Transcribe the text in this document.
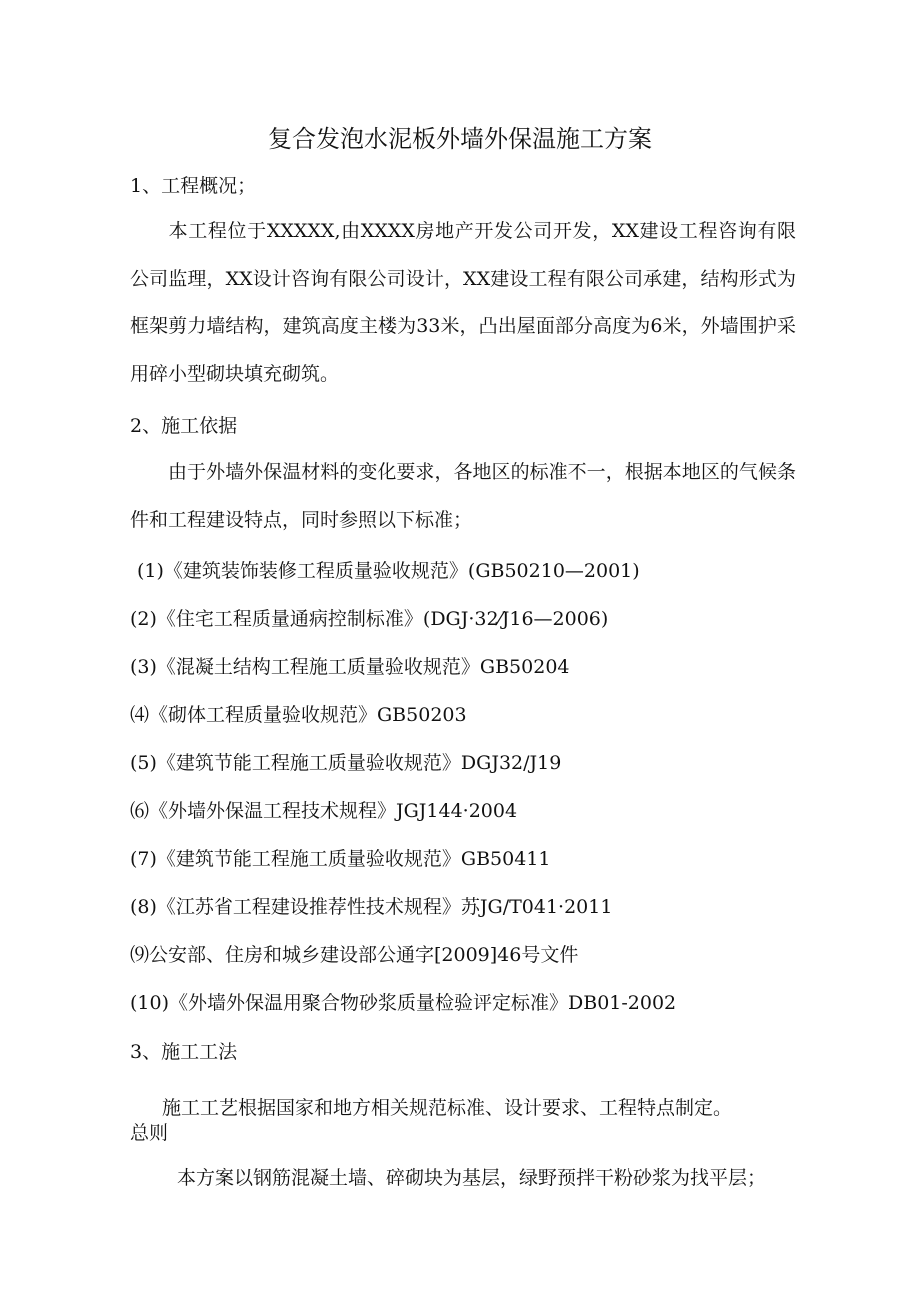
复合发泡水泥板外墙外保温施工方案
1、工程概况；
本工程位于XXXXX,由XXXX房地产开发公司开发，XX建设工程咨询有限公司监理，XX设计咨询有限公司设计，XX建设工程有限公司承建，结构形式为框架剪力墙结构，建筑高度主楼为33米，凸出屋面部分高度为6米，外墙围护采用碎小型砌块填充砌筑。
2、施工依据
由于外墙外保温材料的变化要求，各地区的标准不一，根据本地区的气候条件和工程建设特点，同时参照以下标准；
(1)《建筑装饰装修工程质量验收规范》(GB50210—2001)
(2)《住宅工程质量通病控制标准》(DGJ·32⁄J16—2006)
(3)《混凝土结构工程施工质量验收规范》GB50204
⑷《砌体工程质量验收规范》GB50203
(5)《建筑节能工程施工质量验收规范》DGJ32/J19
⑹《外墙外保温工程技术规程》JGJ144·2004
(7)《建筑节能工程施工质量验收规范》GB50411
(8)《江苏省工程建设推荐性技术规程》苏JG/T041·2011
⑼公安部、住房和城乡建设部公通字[2009]46号文件
(10)《外墙外保温用聚合物砂浆质量检验评定标准》DB01-2002
3、施工工法
施工工艺根据国家和地方相关规范标准、设计要求、工程特点制定。
总则
本方案以钢筋混凝土墙、碎砌块为基层，绿野预拌干粉砂浆为找平层；
